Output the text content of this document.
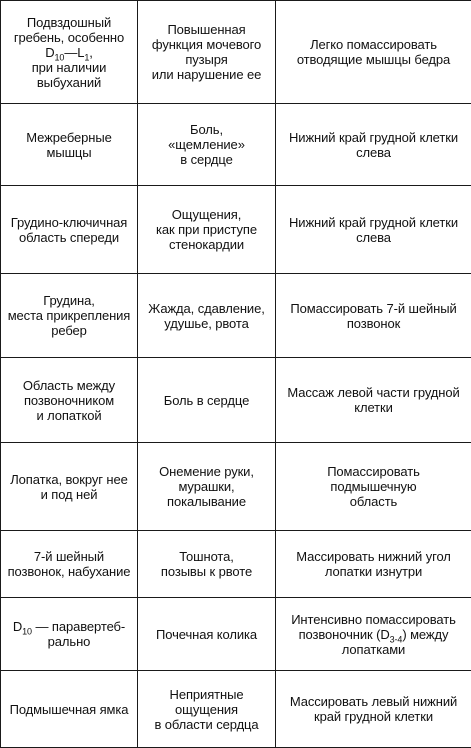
Подвздошный
гребень, особенно
$D_{10}—L_1$,
при наличии
выбуханий	Повышенная
функция мочевого
пузыря
или нарушение ее	Легко помассировать
отводящие мышцы бедра

Межреберные
мышцы	Боль,
«щемление»
в сердце	Нижний край грудной клетки
слева

Грудино-ключичная
область спереди	Ощущения,
как при приступе
стенокардии	Нижний край грудной клетки
слева

Грудина,
места прикрепления
ребер	Жажда, сдавление,
удушье, рвота	Помассировать 7-й шейный
позвонок

Область между
позвоночником
и лопаткой	Боль в сердце	Массаж левой части грудной
клетки

Лопатка, вокруг нее
и под ней	Онемение руки,
мурашки,
покалывание	Помассировать
подмышечную
область

7-й шейный
позвонок, набухание	Тошнота,
позывы к рвоте	Массировать нижний угол
лопатки изнутри

$D_{10}$ — паравертеб-
рально	Почечная колика	Интенсивно помассировать
позвоночник $(D_{3-4})$ между
лопатками

Подмышечная ямка	Неприятные
ощущения
в области сердца	Массировать левый нижний
край грудной клетки
